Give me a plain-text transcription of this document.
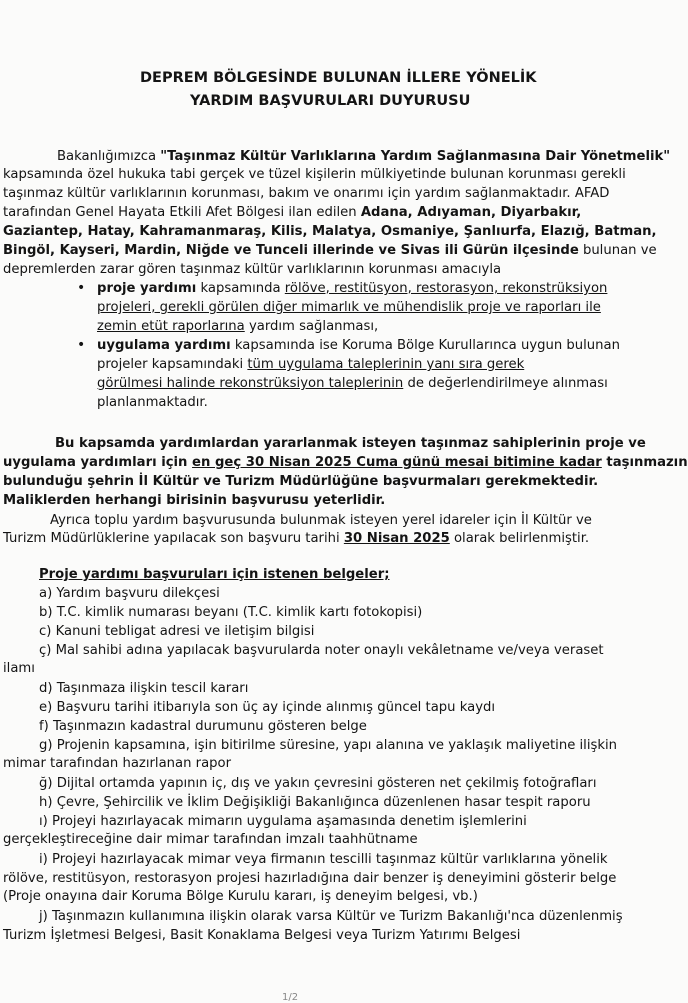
DEPREM BÖLGESİNDE BULUNAN İLLERE YÖNELİK
YARDIM BAŞVURULARI DUYURUSU
Bakanlığımızca "Taşınmaz Kültür Varlıklarına Yardım Sağlanmasına Dair Yönetmelik"
kapsamında özel hukuka tabi gerçek ve tüzel kişilerin mülkiyetinde bulunan korunması gerekli
taşınmaz kültür varlıklarının korunması, bakım ve onarımı için yardım sağlanmaktadır. AFAD
tarafından Genel Hayata Etkili Afet Bölgesi ilan edilen Adana, Adıyaman, Diyarbakır,
Gaziantep, Hatay, Kahramanmaraş, Kilis, Malatya, Osmaniye, Şanlıurfa, Elazığ, Batman,
Bingöl, Kayseri, Mardin, Niğde ve Tunceli illerinde ve Sivas ili Gürün ilçesinde bulunan ve
depremlerden zarar gören taşınmaz kültür varlıklarının korunması amacıyla
• proje yardımı kapsamında rölöve, restitüsyon, restorasyon, rekonstrüksiyon
projeleri, gerekli görülen diğer mimarlık ve mühendislik proje ve raporları ile
zemin etüt raporlarına yardım sağlanması,
• uygulama yardımı kapsamında ise Koruma Bölge Kurullarınca uygun bulunan
projeler kapsamındaki tüm uygulama taleplerinin yanı sıra gerek
görülmesi halinde rekonstrüksiyon taleplerinin de değerlendirilmeye alınması
planlanmaktadır.
Bu kapsamda yardımlardan yararlanmak isteyen taşınmaz sahiplerinin proje ve
uygulama yardımları için en geç 30 Nisan 2025 Cuma günü mesai bitimine kadar taşınmazın
bulunduğu şehrin İl Kültür ve Turizm Müdürlüğüne başvurmaları gerekmektedir.
Maliklerden herhangi birisinin başvurusu yeterlidir.
Ayrıca toplu yardım başvurusunda bulunmak isteyen yerel idareler için İl Kültür ve
Turizm Müdürlüklerine yapılacak son başvuru tarihi 30 Nisan 2025 olarak belirlenmiştir.
Proje yardımı başvuruları için istenen belgeler;
a) Yardım başvuru dilekçesi
b) T.C. kimlik numarası beyanı (T.C. kimlik kartı fotokopisi)
c) Kanuni tebligat adresi ve iletişim bilgisi
ç) Mal sahibi adına yapılacak başvurularda noter onaylı vekâletname ve/veya veraset
ilamı
d) Taşınmaza ilişkin tescil kararı
e) Başvuru tarihi itibarıyla son üç ay içinde alınmış güncel tapu kaydı
f) Taşınmazın kadastral durumunu gösteren belge
g) Projenin kapsamına, işin bitirilme süresine, yapı alanına ve yaklaşık maliyetine ilişkin
mimar tarafından hazırlanan rapor
ğ) Dijital ortamda yapının iç, dış ve yakın çevresini gösteren net çekilmiş fotoğrafları
h) Çevre, Şehircilik ve İklim Değişikliği Bakanlığınca düzenlenen hasar tespit raporu
ı) Projeyi hazırlayacak mimarın uygulama aşamasında denetim işlemlerini
gerçekleştireceğine dair mimar tarafından imzalı taahhütname
i) Projeyi hazırlayacak mimar veya firmanın tescilli taşınmaz kültür varlıklarına yönelik
rölöve, restitüsyon, restorasyon projesi hazırladığına dair benzer iş deneyimini gösterir belge
(Proje onayına dair Koruma Bölge Kurulu kararı, iş deneyim belgesi, vb.)
j) Taşınmazın kullanımına ilişkin olarak varsa Kültür ve Turizm Bakanlığı'nca düzenlenmiş
Turizm İşletmesi Belgesi, Basit Konaklama Belgesi veya Turizm Yatırımı Belgesi
1/2
